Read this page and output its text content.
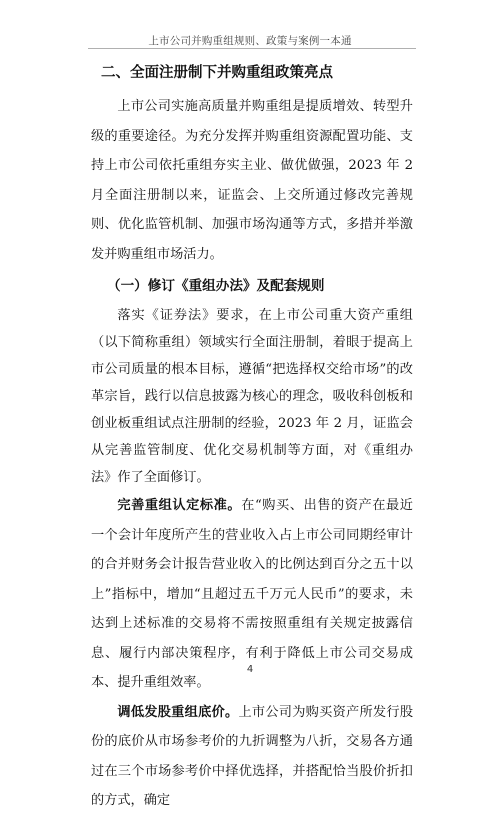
上市公司并购重组规则、政策与案例一本通
二、全面注册制下并购重组政策亮点

上市公司实施高质量并购重组是提质增效、转型升级的重要途径。为充分发挥并购重组资源配置功能、支持上市公司依托重组夯实主业、做优做强，2023 年 2 月全面注册制以来，证监会、上交所通过修改完善规则、优化监管机制、加强市场沟通等方式，多措并举激发并购重组市场活力。

（一）修订《重组办法》及配套规则

落实《证券法》要求，在上市公司重大资产重组（以下简称重组）领域实行全面注册制，着眼于提高上市公司质量的根本目标，遵循“把选择权交给市场”的改革宗旨，践行以信息披露为核心的理念，吸收科创板和创业板重组试点注册制的经验，2023 年 2 月，证监会从完善监管制度、优化交易机制等方面，对《重组办法》作了全面修订。

完善重组认定标准。在“购买、出售的资产在最近一个会计年度所产生的营业收入占上市公司同期经审计的合并财务会计报告营业收入的比例达到百分之五十以上”指标中，增加“且超过五千万元人民币”的要求，未达到上述标准的交易将不需按照重组有关规定披露信息、履行内部决策程序，有利于降低上市公司交易成本、提升重组效率。

调低发股重组底价。上市公司为购买资产所发行股份的底价从市场参考价的九折调整为八折，交易各方通过在三个市场参考价中择优选择，并搭配恰当股价折扣的方式，确定

4
